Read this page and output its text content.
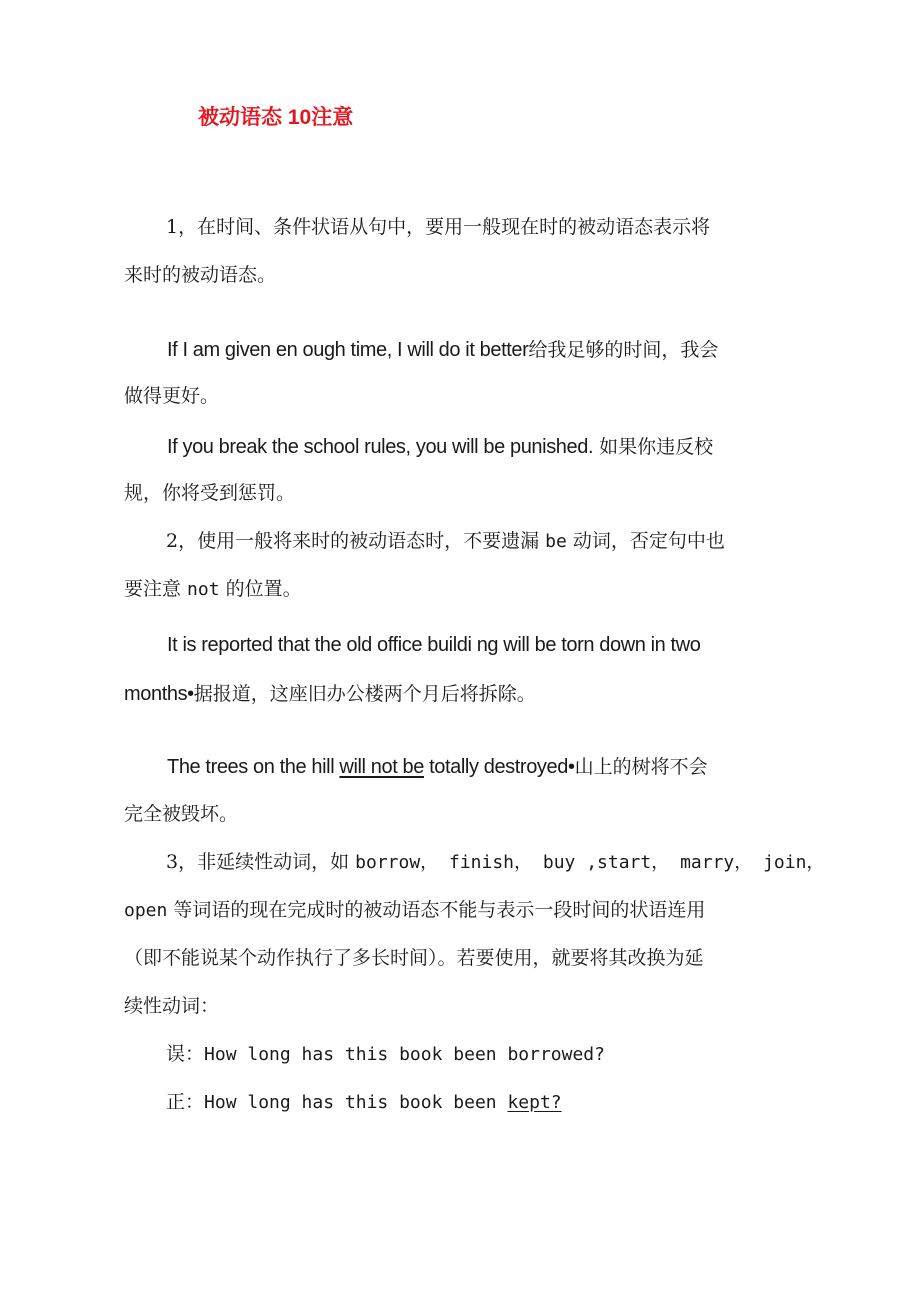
被动语态 10注意
1，在时间、条件状语从句中，要用一般现在时的被动语态表示将
来时的被动语态。
If I am given en ough time, I will do it better给我足够的时间，我会
做得更好。
If you break the school rules, you will be punished. 如果你违反校
规，你将受到惩罚。
2，使用一般将来时的被动语态时，不要遗漏 be 动词，否定句中也
要注意 not 的位置。
It is reported that the old office buildi ng will be torn down in two
months•据报道，这座旧办公楼两个月后将拆除。
The trees on the hill will not be totally destroyed•山上的树将不会
完全被毁坏。
3，非延续性动词，如 borrow， finish， buy ,start， marry， join，
open 等词语的现在完成时的被动语态不能与表示一段时间的状语连用
（即不能说某个动作执行了多长时间）。若要使用，就要将其改换为延
续性动词：
误：How long has this book been borrowed?
正：How long has this book been kept?
